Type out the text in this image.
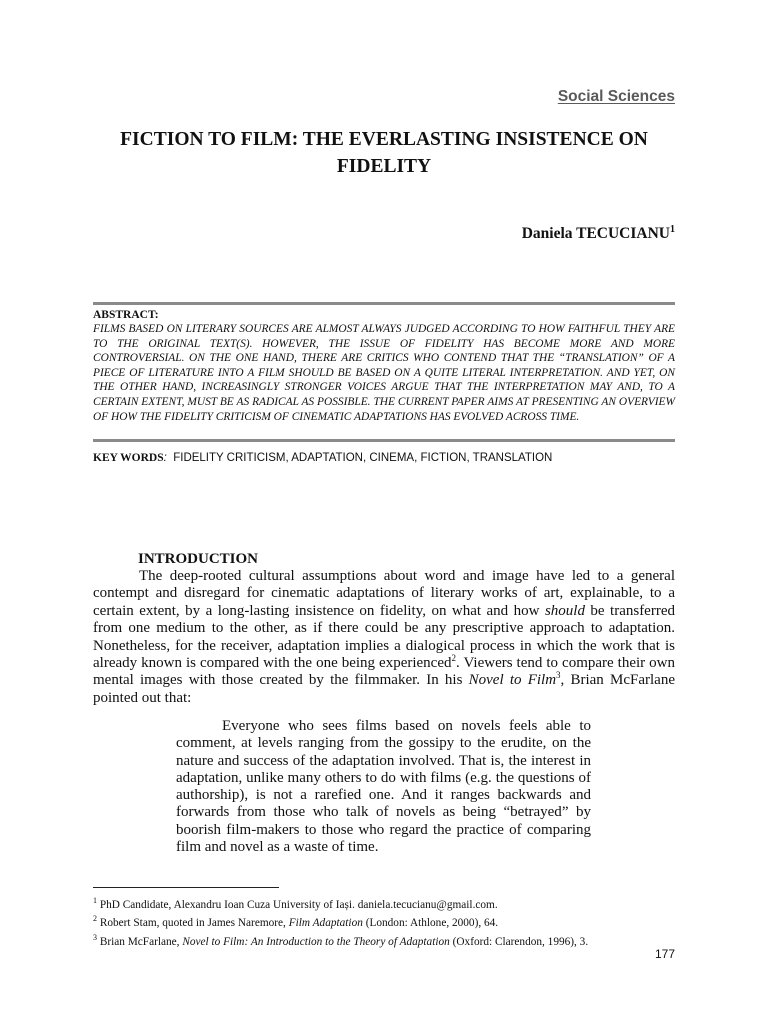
Social Sciences
FICTION TO FILM: THE EVERLASTING INSISTENCE ON FIDELITY
Daniela TECUCIANU$^1$
ABSTRACT:

FILMS BASED ON LITERARY SOURCES ARE ALMOST ALWAYS JUDGED ACCORDING TO HOW FAITHFUL THEY ARE TO THE ORIGINAL TEXT(S). HOWEVER, THE ISSUE OF FIDELITY HAS BECOME MORE AND MORE CONTROVERSIAL. ON THE ONE HAND, THERE ARE CRITICS WHO CONTEND THAT THE “TRANSLATION” OF A PIECE OF LITERATURE INTO A FILM SHOULD BE BASED ON A QUITE LITERAL INTERPRETATION. AND YET, ON THE OTHER HAND, INCREASINGLY STRONGER VOICES ARGUE THAT THE INTERPRETATION MAY AND, TO A CERTAIN EXTENT, MUST BE AS RADICAL AS POSSIBLE. THE CURRENT PAPER AIMS AT PRESENTING AN OVERVIEW OF HOW THE FIDELITY CRITICISM OF CINEMATIC ADAPTATIONS HAS EVOLVED ACROSS TIME.

KEY WORDS: FIDELITY CRITICISM, ADAPTATION, CINEMA, FICTION, TRANSLATION
INTRODUCTION

The deep-rooted cultural assumptions about word and image have led to a general contempt and disregard for cinematic adaptations of literary works of art, explainable, to a certain extent, by a long-lasting insistence on fidelity, on what and how should be transferred from one medium to the other, as if there could be any prescriptive approach to adaptation. Nonetheless, for the receiver, adaptation implies a dialogical process in which the work that is already known is compared with the one being experienced$^2$. Viewers tend to compare their own mental images with those created by the filmmaker. In his Novel to Film$^3$, Brian McFarlane pointed out that:

Everyone who sees films based on novels feels able to comment, at levels ranging from the gossipy to the erudite, on the nature and success of the adaptation involved. That is, the interest in adaptation, unlike many others to do with films (e.g. the questions of authorship), is not a rarefied one. And it ranges backwards and forwards from those who talk of novels as being “betrayed” by boorish film-makers to those who regard the practice of comparing film and novel as a waste of time.

$^1$ PhD Candidate, Alexandru Ioan Cuza University of Iași. daniela.tecucianu@gmail.com.
$^2$ Robert Stam, quoted in James Naremore, Film Adaptation (London: Athlone, 2000), 64.
$^3$ Brian McFarlane, Novel to Film: An Introduction to the Theory of Adaptation (Oxford: Clarendon, 1996), 3.
177
